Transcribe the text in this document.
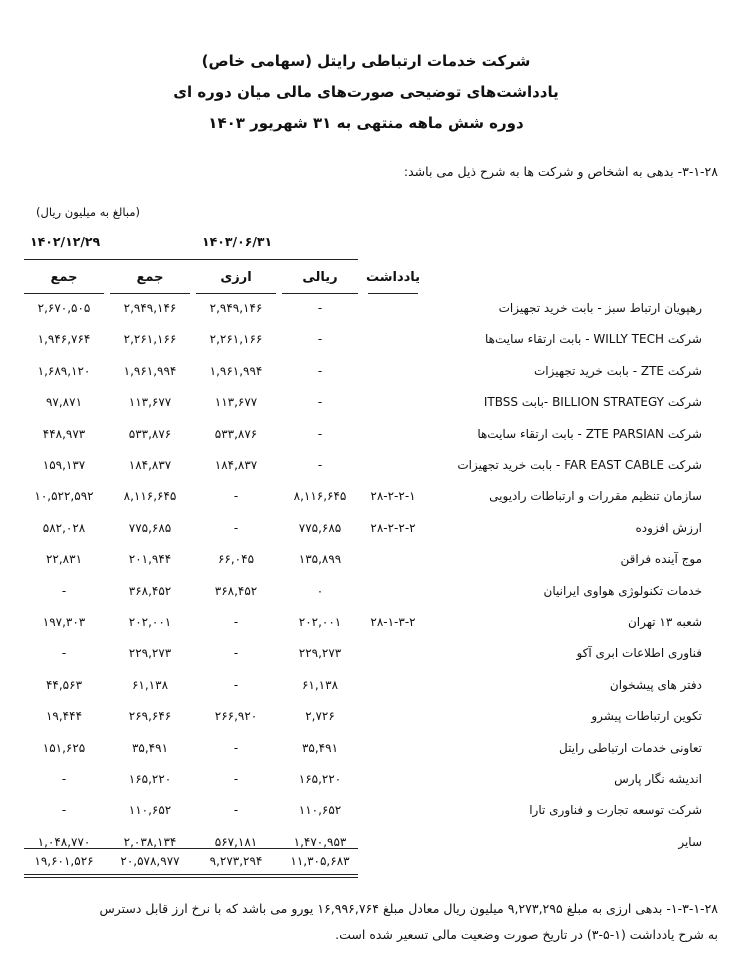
شرکت خدمات ارتباطی رایتل (سهامی خاص)
یادداشت‌های توضیحی صورت‌های مالی میان دوره ای
دوره شش ماهه منتهی به ۳۱ شهریور ۱۴۰۳
۳-۱-۲۸- بدهی به اشخاص و شرکت ها به شرح ذیل می باشد:
(مبالغ به میلیون ریال)
۱۴۰۳/۰۶/۳۱
۱۴۰۲/۱۲/۲۹
یادداشت
ریالی
ارزی
جمع
جمع
رهپویان ارتباط سبز - بابت خرید تجهیزات
-
۲,۹۴۹,۱۴۶
۲,۹۴۹,۱۴۶
۲,۶۷۰,۵۰۵
شرکت WILLY TECH - بابت ارتقاء سایت‌ها
-
۲,۲۶۱,۱۶۶
۲,۲۶۱,۱۶۶
۱,۹۴۶,۷۶۴
شرکت ZTE - بابت خرید تجهیزات
-
۱,۹۶۱,۹۹۴
۱,۹۶۱,۹۹۴
۱,۶۸۹,۱۲۰
شرکت BILLION STRATEGY -بابت ITBSS
-
۱۱۳,۶۷۷
۱۱۳,۶۷۷
۹۷,۸۷۱
شرکت ZTE PARSIAN - بابت ارتقاء سایت‌ها
-
۵۳۳,۸۷۶
۵۳۳,۸۷۶
۴۴۸,۹۷۳
شرکت FAR EAST CABLE - بابت خرید تجهیزات
-
۱۸۴,۸۳۷
۱۸۴,۸۳۷
۱۵۹,۱۳۷
سازمان تنظیم مقررات و ارتباطات رادیویی
۲۸-۲-۲-۱
۸,۱۱۶,۶۴۵
-
۸,۱۱۶,۶۴۵
۱۰,۵۲۲,۵۹۲
ارزش افزوده
۲۸-۲-۲-۲
۷۷۵,۶۸۵
-
۷۷۵,۶۸۵
۵۸۲,۰۲۸
موج آینده فراقن
۱۳۵,۸۹۹
۶۶,۰۴۵
۲۰۱,۹۴۴
۲۲,۸۳۱
خدمات تکنولوژی هواوی ایرانیان
۰
۳۶۸,۴۵۲
۳۶۸,۴۵۲
-
شعبه ۱۳ تهران
۲۸-۱-۳-۲
۲۰۲,۰۰۱
-
۲۰۲,۰۰۱
۱۹۷,۳۰۳
فناوری اطلاعات ابری آکو
۲۲۹,۲۷۳
-
۲۲۹,۲۷۳
-
دفتر های پیشخوان
۶۱,۱۳۸
-
۶۱,۱۳۸
۴۴,۵۶۳
تکوین ارتباطات پیشرو
۲,۷۲۶
۲۶۶,۹۲۰
۲۶۹,۶۴۶
۱۹,۴۴۴
تعاونی خدمات ارتباطی رایتل
۳۵,۴۹۱
-
۳۵,۴۹۱
۱۵۱,۶۲۵
اندیشه نگار پارس
۱۶۵,۲۲۰
-
۱۶۵,۲۲۰
-
شرکت توسعه تجارت و فناوری تارا
۱۱۰,۶۵۲
-
۱۱۰,۶۵۲
-
سایر
۱,۴۷۰,۹۵۳
۵۶۷,۱۸۱
۲,۰۳۸,۱۳۴
۱,۰۴۸,۷۷۰
۱۱,۳۰۵,۶۸۳
۹,۲۷۳,۲۹۴
۲۰,۵۷۸,۹۷۷
۱۹,۶۰۱,۵۲۶
۱-۳-۱-۲۸- بدهی ارزی به مبلغ ۹,۲۷۳,۲۹۵ میلیون ریال معادل مبلغ ۱۶,۹۹۶,۷۶۴ یورو می باشد که با نرخ ارز قابل دسترس
به شرح یادداشت (۱-۵-۳) در تاریخ صورت وضعیت مالی تسعیر شده است.
